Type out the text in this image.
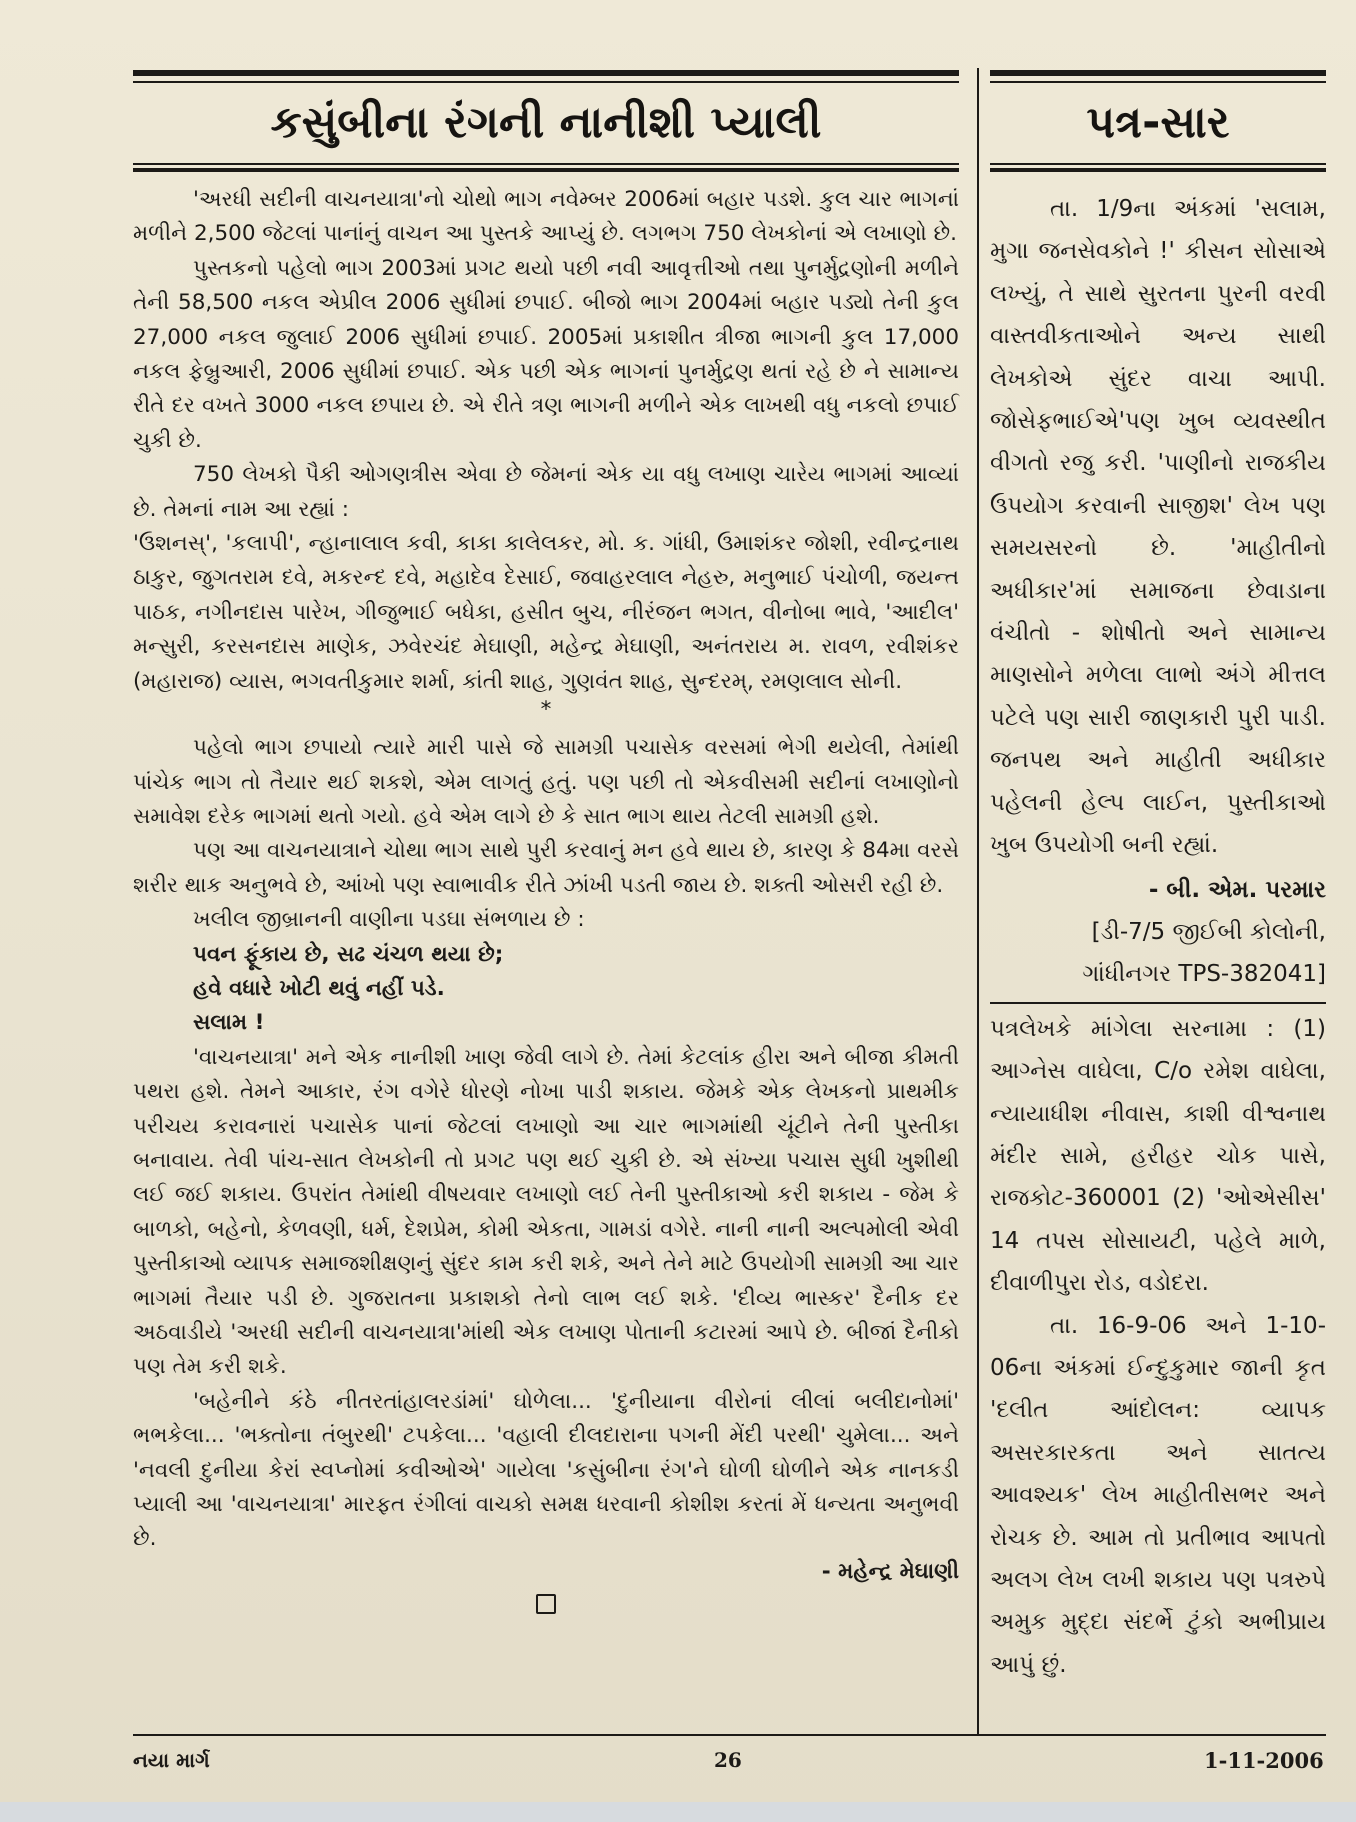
કસુંબીના રંગની નાનીશી પ્યાલી	પત્ર-સાર

'અરધી સદીની વાચનયાત્રા'નો ચોથો ભાગ નવેમ્બર 2006માં બહાર પડશે. કુલ ચાર ભાગનાં મળીને 2,500 જેટલાં પાનાંનું વાચન આ પુસ્તકે આપ્યું છે. લગભગ 750 લેખકોનાં એ લખાણો છે.

પુસ્તકનો પહેલો ભાગ 2003માં પ્રગટ થયો પછી નવી આવૃત્તીઓ તથા પુનર્મુદ્રણોની મળીને તેની 58,500 નકલ એપ્રીલ 2006 સુધીમાં છપાઈ. બીજો ભાગ 2004માં બહાર પડ્યો તેની કુલ 27,000 નકલ જુલાઈ 2006 સુધીમાં છપાઈ. 2005માં પ્રકાશીત ત્રીજા ભાગની કુલ 17,000 નકલ ફેબ્રુઆરી, 2006 સુધીમાં છપાઈ. એક પછી એક ભાગનાં પુનર્મુદ્રણ થતાં રહે છે ને સામાન્ય રીતે દર વખતે 3000 નકલ છપાય છે. એ રીતે ત્રણ ભાગની મળીને એક લાખથી વધુ નકલો છપાઈ ચુકી છે.

750 લેખકો પૈકી ઓગણત્રીસ એવા છે જેમનાં એક યા વધુ લખાણ ચારેય ભાગમાં આવ્યાં છે. તેમનાં નામ આ રહ્યાં :

'ઉશનસ્', 'કલાપી', ન્હાનાલાલ કવી, કાકા કાલેલકર, મો. ક. ગાંધી, ઉમાશંકર જોશી, રવીન્દ્રનાથ ઠાકુર, જુગતરામ દવે, મકરન્દ દવે, મહાદેવ દેસાઈ, જવાહરલાલ નેહરુ, મનુભાઈ પંચોળી, જયન્ત પાઠક, નગીનદાસ પારેખ, ગીજુભાઈ બધેકા, હસીત બુચ, નીરંજન ભગત, વીનોબા ભાવે, 'આદીલ' મન્સુરી, કરસનદાસ માણેક, ઝવેરચંદ મેઘાણી, મહેન્દ્ર મેઘાણી, અનંતરાય મ. રાવળ, રવીશંકર (મહારાજ) વ્યાસ, ભગવતીકુમાર શર્મા, કાંતી શાહ, ગુણવંત શાહ, સુન્દરમ્, રમણલાલ સોની.

*

પહેલો ભાગ છપાયો ત્યારે મારી પાસે જે સામગ્રી પચાસેક વરસમાં ભેગી થયેલી, તેમાંથી પાંચેક ભાગ તો તૈયાર થઈ શકશે, એમ લાગતું હતું. પણ પછી તો એકવીસમી સદીનાં લખાણોનો સમાવેશ દરેક ભાગમાં થતો ગયો. હવે એમ લાગે છે કે સાત ભાગ થાય તેટલી સામગ્રી હશે.

પણ આ વાચનયાત્રાને ચોથા ભાગ સાથે પુરી કરવાનું મન હવે થાય છે, કારણ કે 84મા વરસે શરીર થાક અનુભવે છે, આંખો પણ સ્વાભાવીક રીતે ઝાંખી પડતી જાય છે. શક્તી ઓસરી રહી છે.

ખલીલ જીબ્રાનની વાણીના પડઘા સંભળાય છે :

પવન ફૂંકાય છે, સઢ ચંચળ થયા છે;

હવે વધારે ખોટી થવું નહીં પડે.

સલામ !

'વાચનયાત્રા' મને એક નાનીશી ખાણ જેવી લાગે છે. તેમાં કેટલાંક હીરા અને બીજા કીમતી પથરા હશે. તેમને આકાર, રંગ વગેરે ધોરણે નોખા પાડી શકાય. જેમકે એક લેખકનો પ્રાથમીક પરીચય કરાવનારાં પચાસેક પાનાં જેટલાં લખાણો આ ચાર ભાગમાંથી ચૂંટીને તેની પુસ્તીકા બનાવાય. તેવી પાંચ-સાત લેખકોની તો પ્રગટ પણ થઈ ચુકી છે. એ સંખ્યા પચાસ સુધી ખુશીથી લઈ જઈ શકાય. ઉપરાંત તેમાંથી વીષયવાર લખાણો લઈ તેની પુસ્તીકાઓ કરી શકાય - જેમ કે બાળકો, બહેનો, કેળવણી, ધર્મ, દેશપ્રેમ, કોમી એકતા, ગામડાં વગેરે. નાની નાની અલ્પમોલી એવી પુસ્તીકાઓ વ્યાપક સમાજશીક્ષણનું સુંદર કામ કરી શકે, અને તેને માટે ઉપયોગી સામગ્રી આ ચાર ભાગમાં તૈયાર પડી છે. ગુજરાતના પ્રકાશકો તેનો લાભ લઈ શકે. 'દીવ્ય ભાસ્કર' દૈનીક દર અઠવાડીયે 'અરધી સદીની વાચનયાત્રા'માંથી એક લખાણ પોતાની કટારમાં આપે છે. બીજાં દૈનીકો પણ તેમ કરી શકે.

'બહેનીને કંઠે નીતરતાંહાલરડાંમાં' ઘોળેલા... 'દુનીયાના વીરોનાં લીલાં બલીદાનોમાં' ભભકેલા... 'ભક્તોના તંબુરથી' ટપકેલા... 'વહાલી દીલદારાના પગની મેંદી પરથી' ચુમેલા... અને 'નવલી દુનીયા કેરાં સ્વપ્નોમાં કવીઓએ' ગાયેલા 'કસુંબીના રંગ'ને ઘોળી ઘોળીને એક નાનકડી પ્યાલી આ 'વાચનયાત્રા' મારફત રંગીલાં વાચકો સમક્ષ ધરવાની કોશીશ કરતાં મેં ધન્યતા અનુભવી છે.

- મહેન્દ્ર મેઘાણી

તા. 1/9ના અંકમાં 'સલામ, મુગા જનસેવકોને !' કીસન સોસાએ લખ્યું, તે સાથે સુરતના પુરની વરવી વાસ્તવીકતાઓને અન્ય સાથી લેખકોએ સુંદર વાચા આપી. જોસેફભાઈએ'પણ ખુબ વ્યવસ્થીત વીગતો રજુ કરી. 'પાણીનો રાજકીય ઉપયોગ કરવાની સાજીશ' લેખ પણ સમયસરનો છે. 'માહીતીનો અધીકાર'માં સમાજના છેવાડાના વંચીતો - શોષીતો અને સામાન્ય માણસોને મળેલા લાભો અંગે મીત્તલ પટેલે પણ સારી જાણકારી પુરી પાડી. જનપથ અને માહીતી અધીકાર પહેલની હેલ્પ લાઈન, પુસ્તીકાઓ ખુબ ઉપયોગી બની રહ્યાં.

- બી. એમ. પરમાર

[ડી-7/5 જીઈબી કોલોની,

ગાંધીનગર TPS-382041]

પત્રલેખકે માંગેલા સરનામા : (1) આગ્નેસ વાઘેલા, C/o રમેશ વાઘેલા, ન્યાયાધીશ નીવાસ, કાશી વીશ્વનાથ મંદીર સામે, હરીહર ચોક પાસે, રાજકોટ-360001 (2) 'ઓએસીસ' 14 તપસ સોસાયટી, પહેલે માળે, દીવાળીપુરા રોડ, વડોદરા.

તા. 16-9-06 અને 1-10-06ના અંકમાં ઈન્દુકુમાર જાની કૃત 'દલીત આંદોલન: વ્યાપક અસરકારકતા અને સાતત્ય આવશ્યક' લેખ માહીતીસભર અને રોચક છે. આમ તો પ્રતીભાવ આપતો અલગ લેખ લખી શકાય પણ પત્રરુપે અમુક મુદ્દા સંદર્ભે ટુંકો અભીપ્રાય આપું છું.

નયા માર્ગ	26	1-11-2006
